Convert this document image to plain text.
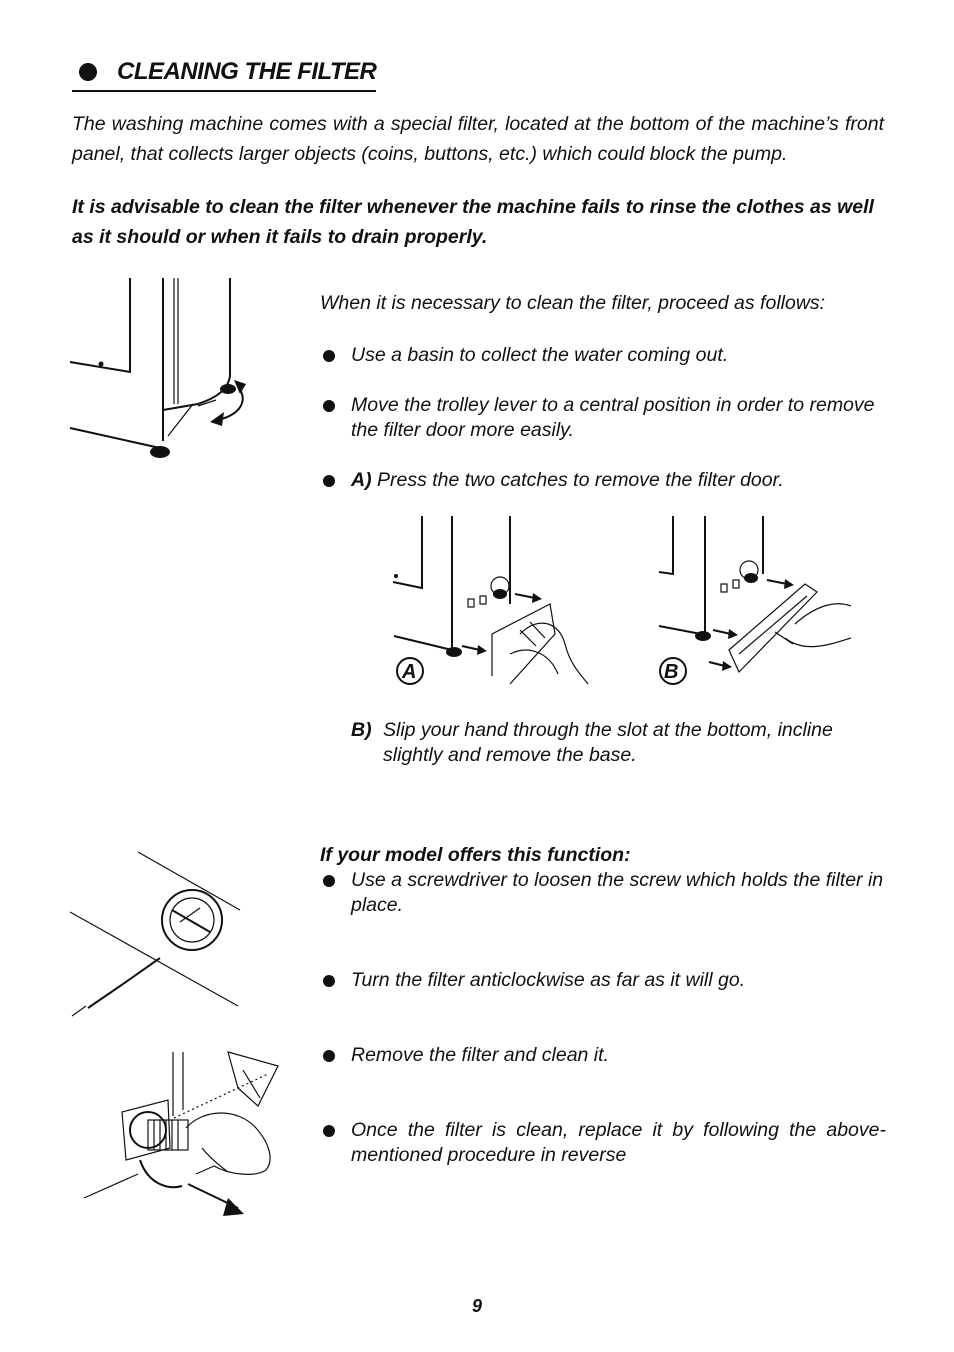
CLEANING THE FILTER
The washing machine comes with a special filter, located at the bottom of the machine’s front panel, that collects larger objects (coins, buttons, etc.) which could block the pump.
It is advisable to clean the filter whenever the machine fails to rinse the clothes as well as it should or when it fails to drain properly.
When it is necessary to clean the filter, proceed as follows:
Use a basin to collect the water coming out.
Move the trolley lever to a central position in order to remove the filter door more easily.
A) Press the two catches to remove the filter door.
B) Slip your hand through the slot at the bottom, incline slightly and remove the base.
If your model offers this function:
Use a screwdriver to loosen the screw which holds the filter in place.
Turn the filter anticlockwise as far as it will go.
Remove the filter and clean it.
Once the filter is clean, replace it by following the above-mentioned procedure in reverse
9
A	B
